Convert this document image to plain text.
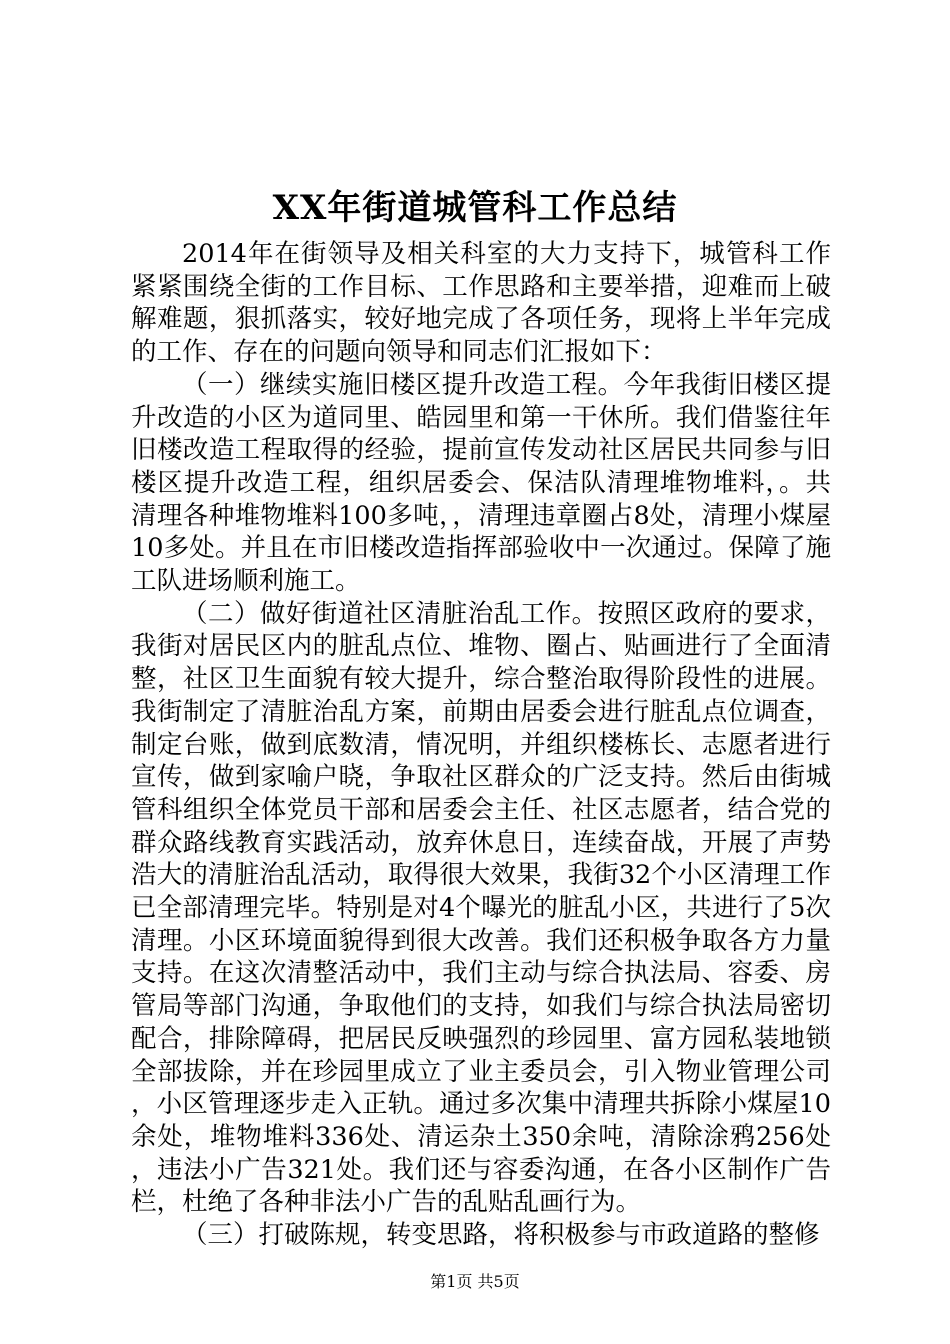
XX年街道城管科工作总结

2014年在街领导及相关科室的大力支持下，城管科工作紧紧围绕全街的工作目标、工作思路和主要举措，迎难而上破解难题，狠抓落实，较好地完成了各项任务，现将上半年完成的工作、存在的问题向领导和同志们汇报如下：

（一）继续实施旧楼区提升改造工程。今年我街旧楼区提升改造的小区为道同里、皓园里和第一干休所。我们借鉴往年旧楼改造工程取得的经验，提前宣传发动社区居民共同参与旧楼区提升改造工程，组织居委会、保洁队清理堆物堆料，。共清理各种堆物堆料100多吨，，清理违章圈占8处，清理小煤屋10多处。并且在市旧楼改造指挥部验收中一次通过。保障了施工队进场顺利施工。

（二）做好街道社区清脏治乱工作。按照区政府的要求，我街对居民区内的脏乱点位、堆物、圈占、贴画进行了全面清整，社区卫生面貌有较大提升，综合整治取得阶段性的进展。我街制定了清脏治乱方案，前期由居委会进行脏乱点位调查，制定台账，做到底数清，情况明，并组织楼栋长、志愿者进行宣传，做到家喻户晓，争取社区群众的广泛支持。然后由街城管科组织全体党员干部和居委会主任、社区志愿者，结合党的群众路线教育实践活动，放弃休息日，连续奋战，开展了声势浩大的清脏治乱活动，取得很大效果，我街32个小区清理工作已全部清理完毕。特别是对4个曝光的脏乱小区，共进行了5次清理。小区环境面貌得到很大改善。我们还积极争取各方力量支持。在这次清整活动中，我们主动与综合执法局、容委、房管局等部门沟通，争取他们的支持，如我们与综合执法局密切配合，排除障碍，把居民反映强烈的珍园里、富方园私装地锁全部拔除，并在珍园里成立了业主委员会，引入物业管理公司，小区管理逐步走入正轨。通过多次集中清理共拆除小煤屋10余处，堆物堆料336处、清运杂土350余吨，清除涂鸦256处，违法小广告321处。我们还与容委沟通，在各小区制作广告栏，杜绝了各种非法小广告的乱贴乱画行为。

（三）打破陈规，转变思路，将积极参与市政道路的整修

第1页 共5页
